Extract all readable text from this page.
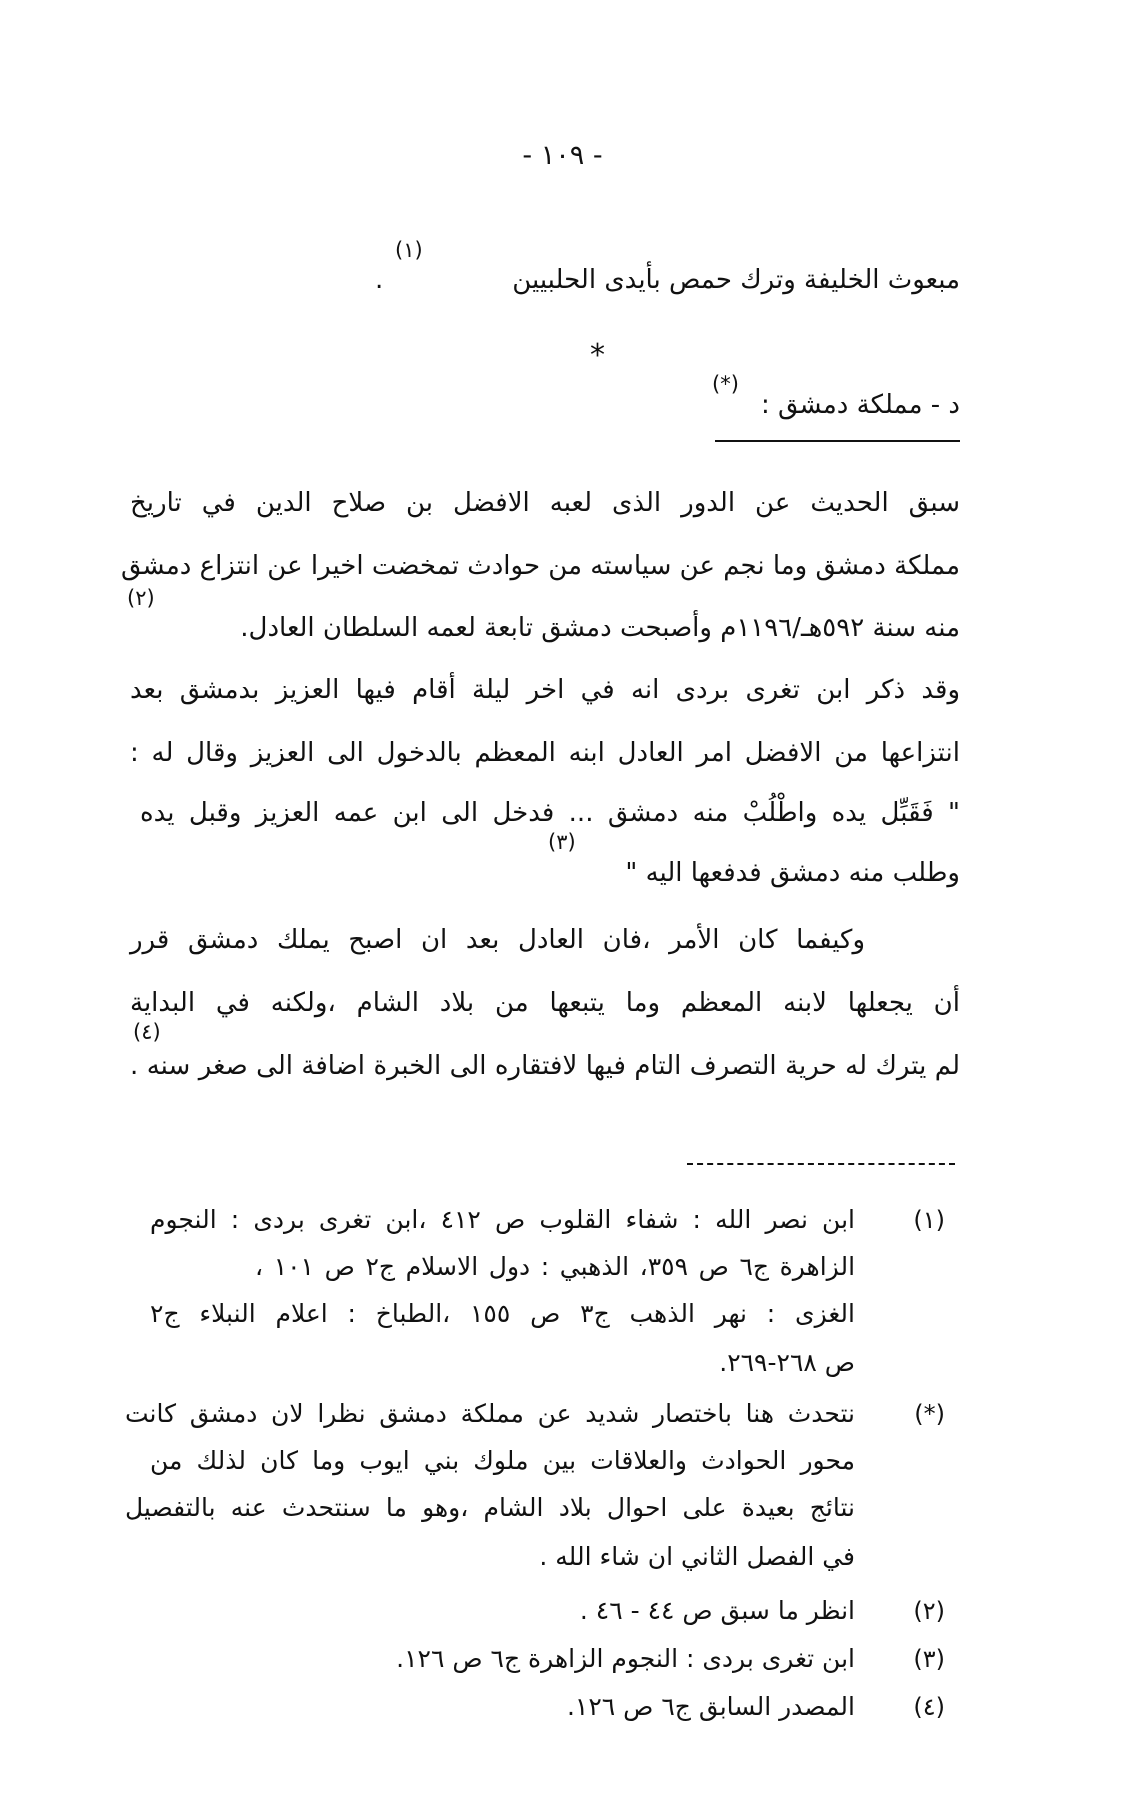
- ١٠٩ -
مبعوث الخليفة وترك حمص بأيدى الحلبيين
(١)
.
*
د - مملكة دمشق :
(*)
سبق الحديث عن الدور الذى لعبه الافضل بن صلاح الدين في تاريخ
مملكة دمشق وما نجم عن سياسته من حوادث تمخضت اخيرا عن انتزاع دمشق
منه سنة ٥٩٢هـ/١١٩٦م وأصبحت دمشق تابعة لعمه السلطان العادل.
(٢)
وقد ذكر ابن تغرى بردى انه في اخر ليلة أقام فيها العزيز بدمشق بعد
انتزاعها من الافضل امر العادل ابنه المعظم بالدخول الى العزيز وقال له :
" فَقَبِّل يده واطْلُبْ منه دمشق ... فدخل الى ابن عمه العزيز وقبل يده
وطلب منه دمشق فدفعها اليه "
(٣)
وكيفما كان الأمر ،فان العادل بعد ان اصبح يملك دمشق قرر
أن يجعلها لابنه المعظم وما يتبعها من بلاد الشام ،ولكنه في البداية
لم يترك له حرية التصرف التام فيها لافتقاره الى الخبرة اضافة الى صغر سنه .
(٤)
(١)
ابن نصر الله : شفاء القلوب ص ٤١٢ ،ابن تغرى بردى : النجوم
الزاهرة ج٦ ص ٣٥٩، الذهبي : دول الاسلام ج٢ ص ١٠١ ،
الغزى : نهر الذهب ج٣ ص ١٥٥ ،الطباخ : اعلام النبلاء ج٢
ص ٢٦٨-٢٦٩.
(*)
نتحدث هنا باختصار شديد عن مملكة دمشق نظرا لان دمشق كانت
محور الحوادث والعلاقات بين ملوك بني ايوب وما كان لذلك من
نتائج بعيدة على احوال بلاد الشام ،وهو ما سنتحدث عنه بالتفصيل
في الفصل الثاني ان شاء الله .
(٢)
انظر ما سبق ص ٤٤ - ٤٦ .
(٣)
ابن تغرى بردى : النجوم الزاهرة ج٦ ص ١٢٦.
(٤)
المصدر السابق ج٦ ص ١٢٦.
---------------
